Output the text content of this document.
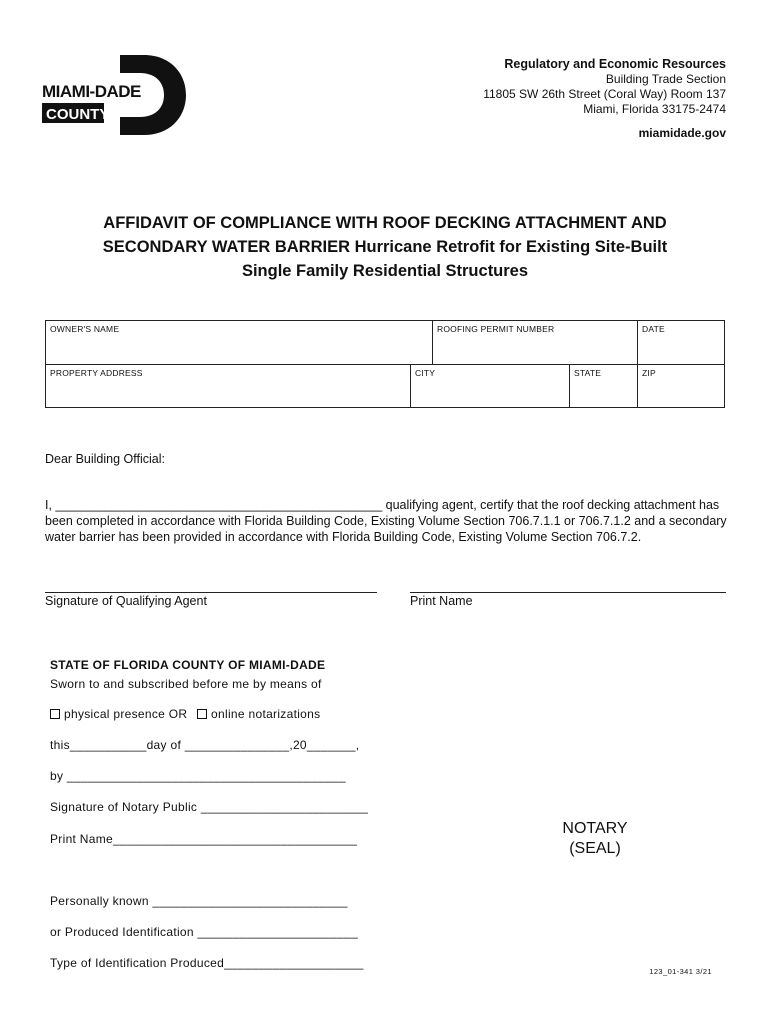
MIAMI-DADE
COUNTY
Regulatory and Economic Resources
Building Trade Section
11805 SW 26th Street (Coral Way) Room 137
Miami, Florida 33175-2474
miamidade.gov
AFFIDAVIT OF COMPLIANCE WITH ROOF DECKING ATTACHMENT AND
SECONDARY WATER BARRIER Hurricane Retrofit for Existing Site-Built
Single Family Residential Structures
OWNER'S NAME	ROOFING PERMIT NUMBER	DATE
PROPERTY ADDRESS	CITY	STATE	ZIP
Dear Building Official:
I, _______________________________________________ qualifying agent, certify that the roof decking attachment has
been completed in accordance with Florida Building Code, Existing Volume Section 706.7.1.1 or 706.7.1.2 and a secondary
water barrier has been provided in accordance with Florida Building Code, Existing Volume Section 706.7.2.
Signature of Qualifying Agent	Print Name
STATE OF FLORIDA COUNTY OF MIAMI-DADE
Sworn to and subscribed before me by means of
physical presence OR online notarizations
this___________day of _______________,20_______,
by ________________________________________
Signature of Notary Public ________________________
Print Name___________________________________
Personally known ____________________________
or Produced Identification _______________________
Type of Identification Produced____________________
NOTARY
(SEAL)
123_01-341 3/21
